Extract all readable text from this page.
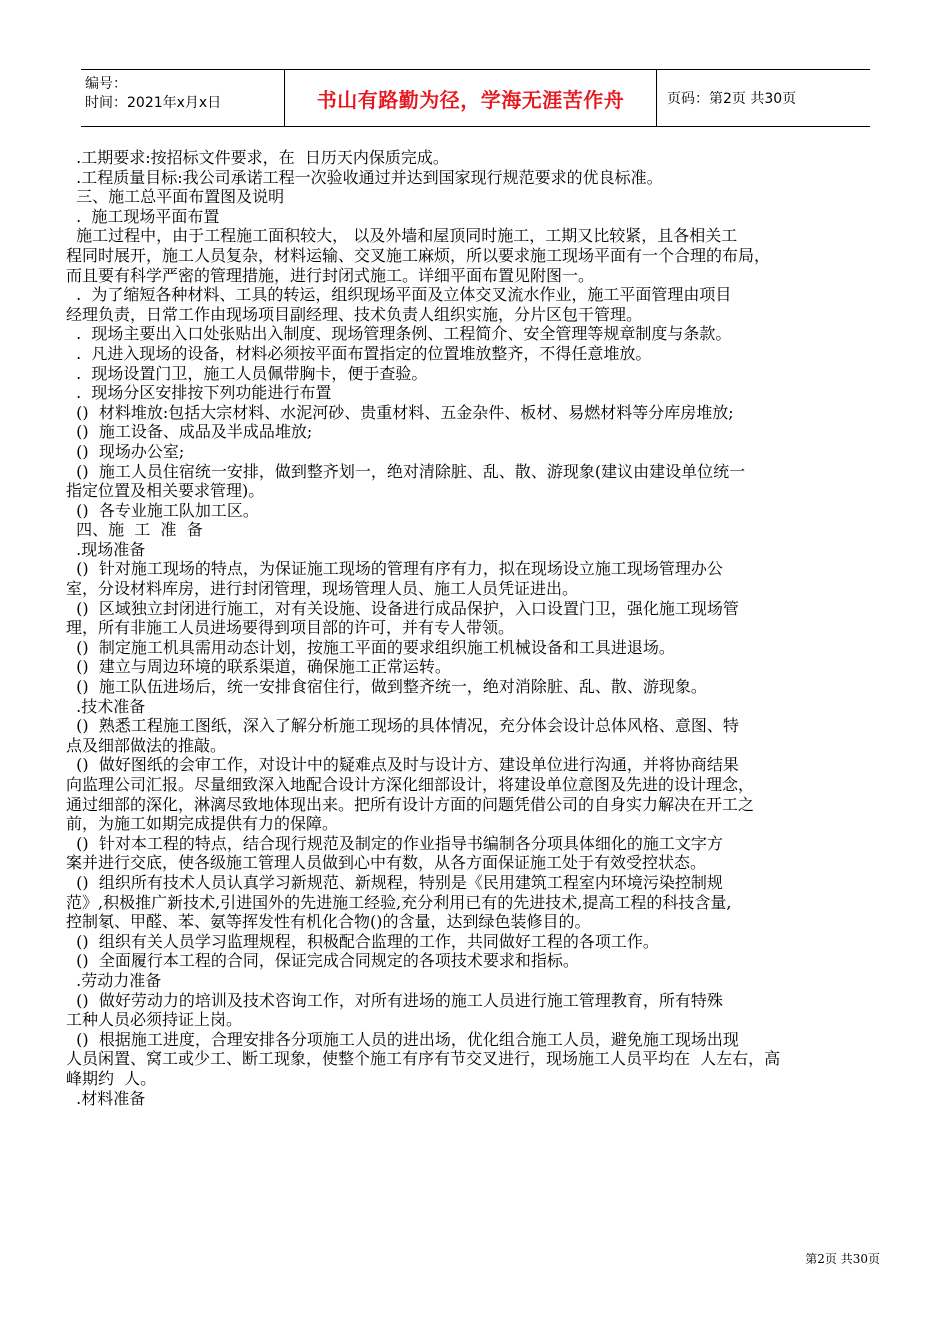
编号：
时间：2021年x月x日	书山有路勤为径，学海无涯苦作舟	页码：第2页 共30页

.工期要求:按招标文件要求，在  日历天内保质完成。

.工程质量目标:我公司承诺工程一次验收通过并达到国家现行规范要求的优良标准。

三、施工总平面布置图及说明

.  施工现场平面布置

施工过程中，由于工程施工面积较大， 以及外墙和屋顶同时施工，工期又比较紧，且各相关工

程同时展开，施工人员复杂，材料运输、交叉施工麻烦，所以要求施工现场平面有一个合理的布局，

而且要有科学严密的管理措施，进行封闭式施工。详细平面布置见附图一。

.  为了缩短各种材料、工具的转运，组织现场平面及立体交叉流水作业，施工平面管理由项目

经理负责，日常工作由现场项目副经理、技术负责人组织实施，分片区包干管理。

.  现场主要出入口处张贴出入制度、现场管理条例、工程简介、安全管理等规章制度与条款。

.  凡进入现场的设备，材料必须按平面布置指定的位置堆放整齐，不得任意堆放。

.  现场设置门卫，施工人员佩带胸卡，便于查验。

.  现场分区安排按下列功能进行布置

()  材料堆放:包括大宗材料、水泥河砂、贵重材料、五金杂件、板材、易燃材料等分库房堆放;

()  施工设备、成品及半成品堆放;

()  现场办公室;

()  施工人员住宿统一安排，做到整齐划一，绝对清除脏、乱、散、游现象(建议由建设单位统一

指定位置及相关要求管理)。

()  各专业施工队加工区。

四、施  工  准  备

.现场准备

()  针对施工现场的特点，为保证施工现场的管理有序有力，拟在现场设立施工现场管理办公

室，分设材料库房，进行封闭管理，现场管理人员、施工人员凭证进出。

()  区域独立封闭进行施工，对有关设施、设备进行成品保护，入口设置门卫，强化施工现场管

理，所有非施工人员进场要得到项目部的许可，并有专人带领。

()  制定施工机具需用动态计划，按施工平面的要求组织施工机械设备和工具进退场。

()  建立与周边环境的联系渠道，确保施工正常运转。

()  施工队伍进场后，统一安排食宿住行，做到整齐统一，绝对消除脏、乱、散、游现象。

.技术准备

()  熟悉工程施工图纸，深入了解分析施工现场的具体情况，充分体会设计总体风格、意图、特

点及细部做法的推敲。

()  做好图纸的会审工作，对设计中的疑难点及时与设计方、建设单位进行沟通，并将协商结果

向监理公司汇报。尽量细致深入地配合设计方深化细部设计，将建设单位意图及先进的设计理念，

通过细部的深化，淋漓尽致地体现出来。把所有设计方面的问题凭借公司的自身实力解决在开工之

前，为施工如期完成提供有力的保障。

()  针对本工程的特点，结合现行规范及制定的作业指导书编制各分项具体细化的施工文字方

案并进行交底，使各级施工管理人员做到心中有数，从各方面保证施工处于有效受控状态。

()  组织所有技术人员认真学习新规范、新规程，特别是《民用建筑工程室内环境污染控制规

范》,积极推广新技术,引进国外的先进施工经验,充分利用已有的先进技术,提高工程的科技含量,

控制氡、甲醛、苯、氨等挥发性有机化合物()的含量，达到绿色装修目的。

()  组织有关人员学习监理规程，积极配合监理的工作，共同做好工程的各项工作。

()  全面履行本工程的合同，保证完成合同规定的各项技术要求和指标。

.劳动力准备

()  做好劳动力的培训及技术咨询工作，对所有进场的施工人员进行施工管理教育，所有特殊

工种人员必须持证上岗。

()  根据施工进度，合理安排各分项施工人员的进出场，优化组合施工人员，避免施工现场出现

人员闲置、窝工或少工、断工现象，使整个施工有序有节交叉进行，现场施工人员平均在  人左右，高

峰期约  人。

.材料准备

第2页 共30页
